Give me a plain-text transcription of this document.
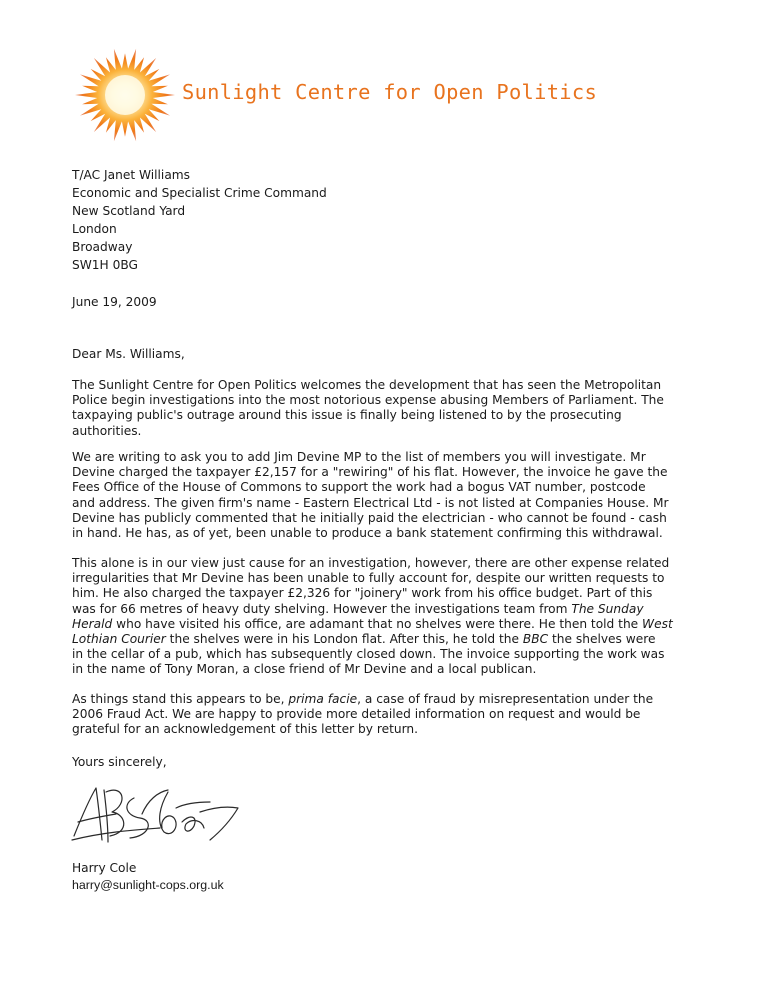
Sunlight Centre for Open Politics
T/AC Janet Williams
Economic and Specialist Crime Command
New Scotland Yard
London
Broadway
SW1H 0BG
June 19, 2009
Dear Ms. Williams,
The Sunlight Centre for Open Politics welcomes the development that has seen the Metropolitan
Police begin investigations into the most notorious expense abusing Members of Parliament. The
taxpaying public's outrage around this issue is finally being listened to by the prosecuting
authorities.
We are writing to ask you to add Jim Devine MP to the list of members you will investigate. Mr
Devine charged the taxpayer £2,157 for a "rewiring" of his flat. However, the invoice he gave the
Fees Office of the House of Commons to support the work had a bogus VAT number, postcode
and address. The given firm's name - Eastern Electrical Ltd - is not listed at Companies House. Mr
Devine has publicly commented that he initially paid the electrician - who cannot be found - cash
in hand. He has, as of yet, been unable to produce a bank statement confirming this withdrawal.
This alone is in our view just cause for an investigation, however, there are other expense related
irregularities that Mr Devine has been unable to fully account for, despite our written requests to
him. He also charged the taxpayer £2,326 for "joinery" work from his office budget. Part of this
was for 66 metres of heavy duty shelving. However the investigations team from The Sunday
Herald who have visited his office, are adamant that no shelves were there. He then told the West
Lothian Courier the shelves were in his London flat. After this, he told the BBC the shelves were
in the cellar of a pub, which has subsequently closed down. The invoice supporting the work was
in the name of Tony Moran, a close friend of Mr Devine and a local publican.
As things stand this appears to be, prima facie, a case of fraud by misrepresentation under the
2006 Fraud Act. We are happy to provide more detailed information on request and would be
grateful for an acknowledgement of this letter by return.
Yours sincerely,
Harry Cole
harry@sunlight-cops.org.uk
